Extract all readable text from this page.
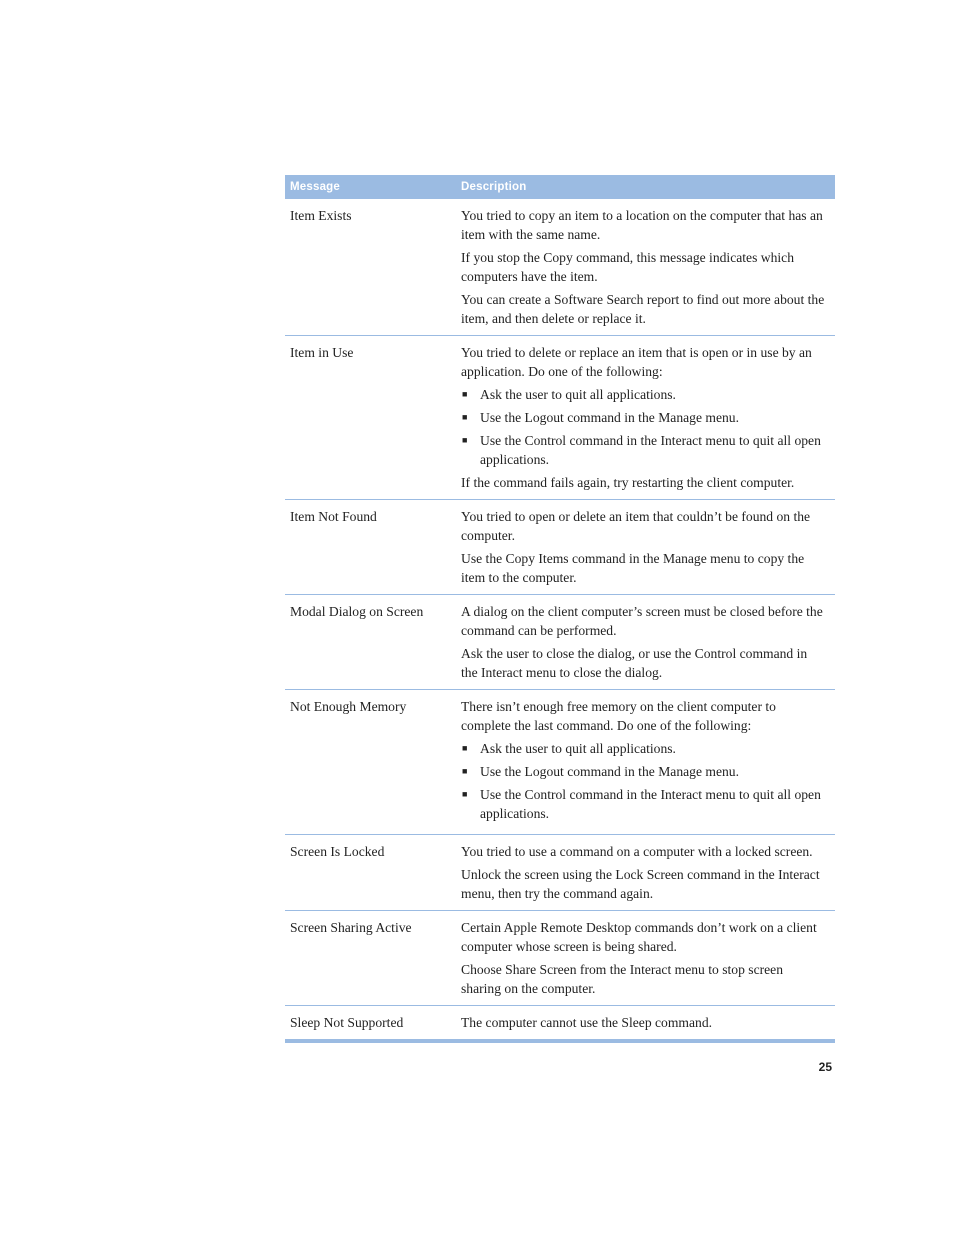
Message	Description
Item Exists	You tried to copy an item to a location on the computer that has an item with the same name.

If you stop the Copy command, this message indicates which computers have the item.

You can create a Software Search report to find out more about the item, and then delete or replace it.

Item in Use	You tried to delete or replace an item that is open or in use by an application. Do one of the following:

■ Ask the user to quit all applications.
■ Use the Logout command in the Manage menu.
■ Use the Control command in the Interact menu to quit all open applications.

If the command fails again, try restarting the client computer.

Item Not Found	You tried to open or delete an item that couldn’t be found on the computer.

Use the Copy Items command in the Manage menu to copy the item to the computer.

Modal Dialog on Screen	A dialog on the client computer’s screen must be closed before the command can be performed.

Ask the user to close the dialog, or use the Control command in the Interact menu to close the dialog.

Not Enough Memory	There isn’t enough free memory on the client computer to complete the last command. Do one of the following:

■ Ask the user to quit all applications.
■ Use the Logout command in the Manage menu.
■ Use the Control command in the Interact menu to quit all open applications.
Screen Is Locked	You tried to use a command on a computer with a locked screen.

Unlock the screen using the Lock Screen command in the Interact menu, then try the command again.

Screen Sharing Active	Certain Apple Remote Desktop commands don’t work on a client computer whose screen is being shared.

Choose Share Screen from the Interact menu to stop screen sharing on the computer.

Sleep Not Supported	The computer cannot use the Sleep command.

25
